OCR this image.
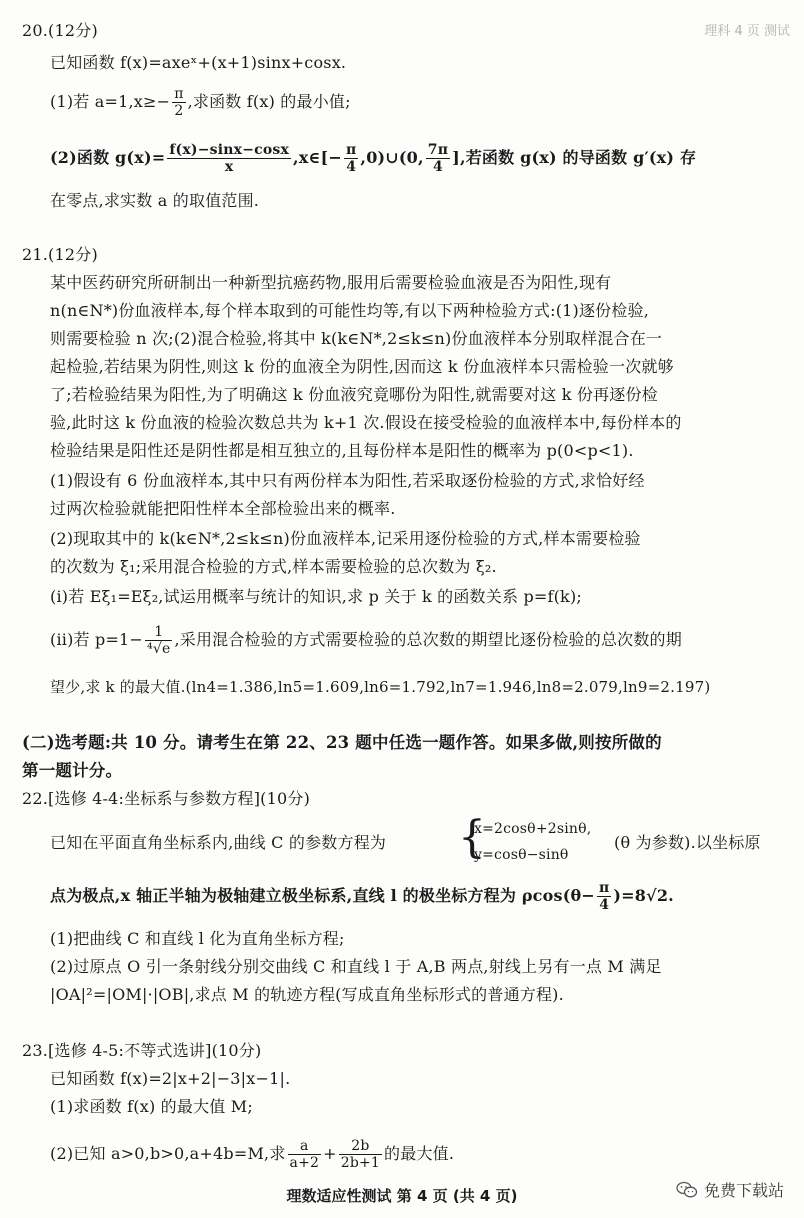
理科 4 页 测试
20.(12分)
已知函数 f(x)=axeˣ+(x+1)sinx+cosx.
(1)若 $a=1,x\ge- \frac{\pi}{2}$ ,求函数 f(x) 的最小值;
(2)函数 $g(x)= \frac{f(x)-\sin x-\cos x}{x}$ ,x∈[− $\frac{\pi}{4}$ ,0)∪(0, $\frac{7\pi}{4}$ ],若函数 g(x) 的导函数 g′(x) 存
在零点,求实数 a 的取值范围.
21.(12分)
某中医药研究所研制出一种新型抗癌药物,服用后需要检验血液是否为阳性,现有
n(n∈N*)份血液样本,每个样本取到的可能性均等,有以下两种检验方式:(1)逐份检验,
则需要检验 n 次;(2)混合检验,将其中 k(k∈N*,2≤k≤n)份血液样本分别取样混合在一
起检验,若结果为阴性,则这 k 份的血液全为阴性,因而这 k 份血液样本只需检验一次就够
了;若检验结果为阳性,为了明确这 k 份血液究竟哪份为阳性,就需要对这 k 份再逐份检
验,此时这 k 份血液的检验次数总共为 k+1 次.假设在接受检验的血液样本中,每份样本的
检验结果是阳性还是阴性都是相互独立的,且每份样本是阳性的概率为 p(0<p<1).
(1)假设有 6 份血液样本,其中只有两份样本为阳性,若采取逐份检验的方式,求恰好经
过两次检验就能把阳性样本全部检验出来的概率.
(2)现取其中的 k(k∈N*,2≤k≤n)份血液样本,记采用逐份检验的方式,样本需要检验
的次数为 ξ₁;采用混合检验的方式,样本需要检验的总次数为 ξ₂.
(i)若 Eξ₁=Eξ₂,试运用概率与统计的知识,求 p 关于 k 的函数关系 p=f(k);
(ii)若 $p=1- \frac{1}{\text{⁴√e}}$ ,采用混合检验的方式需要检验的总次数的期望比逐份检验的总次数的期
望少,求 k 的最大值.(ln4=1.386,ln5=1.609,ln6=1.792,ln7=1.946,ln8=2.079,ln9=2.197)
(二)选考题:共 10 分。请考生在第 22、23 题中任选一题作答。如果多做,则按所做的
第一题计分。
22.[选修 4-4:坐标系与参数方程](10分)
已知在平面直角坐标系内,曲线 C 的参数方程为 {
x=2cosθ+2sinθ,
y=cosθ−sinθ
(θ 为参数).以坐标原
点为极点,x 轴正半轴为极轴建立极坐标系,直线 l 的极坐标方程为 $\rho\cos(\theta- \frac{\pi}{4} )=8√2$.
(1)把曲线 C 和直线 l 化为直角坐标方程;
(2)过原点 O 引一条射线分别交曲线 C 和直线 l 于 A,B 两点,射线上另有一点 M 满足
|OA|²=|OM|·|OB|,求点 M 的轨迹方程(写成直角坐标形式的普通方程).
23.[选修 4-5:不等式选讲](10分)
已知函数 f(x)=2|x+2|−3|x−1|.
(1)求函数 f(x) 的最大值 M;
(2)已知 a>0,b>0,a+4b=M,求 $\frac{a}{a+2} + \frac{2b}{2b+1}$ 的最大值.
理数适应性测试 第 4 页 (共 4 页)	免费下载站
